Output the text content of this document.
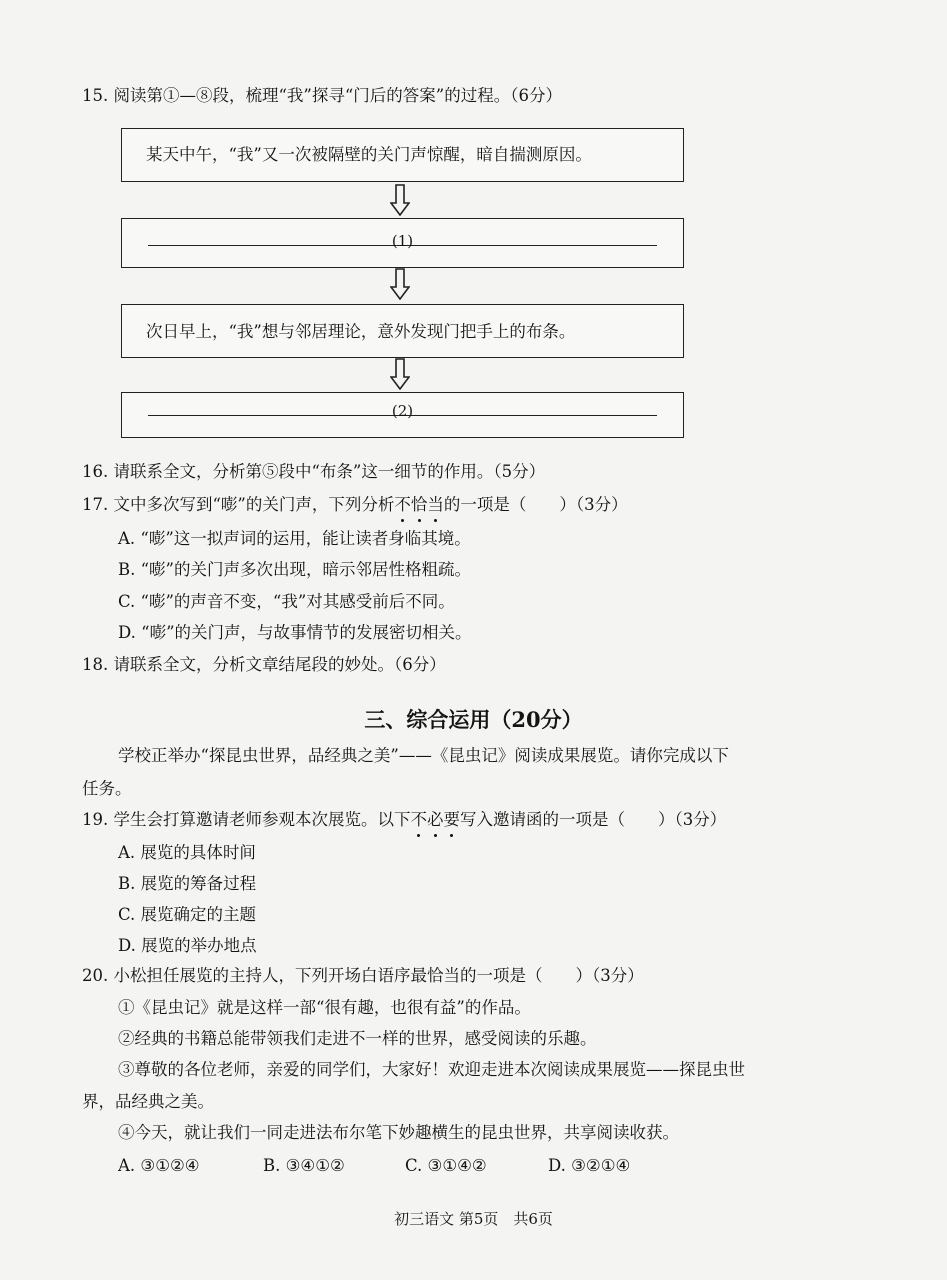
15. 阅读第①—⑧段，梳理“我”探寻“门后的答案”的过程。（6分）
某天中午，“我”又一次被隔壁的关门声惊醒，暗自揣测原因。
(1)
次日早上，“我”想与邻居理论，意外发现门把手上的布条。
(2)
16. 请联系全文，分析第⑤段中“布条”这一细节的作用。（5分）
17. 文中多次写到“嘭”的关门声，下列分析不恰当的一项是（　　）（3分）
A. “嘭”这一拟声词的运用，能让读者身临其境。
B. “嘭”的关门声多次出现，暗示邻居性格粗疏。
C. “嘭”的声音不变，“我”对其感受前后不同。
D. “嘭”的关门声，与故事情节的发展密切相关。
18. 请联系全文，分析文章结尾段的妙处。（6分）
三、综合运用（20分）
学校正举办“探昆虫世界，品经典之美”——《昆虫记》阅读成果展览。请你完成以下
任务。
19. 学生会打算邀请老师参观本次展览。以下不必要写入邀请函的一项是（　　）（3分）
A. 展览的具体时间
B. 展览的筹备过程
C. 展览确定的主题
D. 展览的举办地点
20. 小松担任展览的主持人，下列开场白语序最恰当的一项是（　　）（3分）
①《昆虫记》就是这样一部“很有趣，也很有益”的作品。
②经典的书籍总能带领我们走进不一样的世界，感受阅读的乐趣。
③尊敬的各位老师，亲爱的同学们，大家好！欢迎走进本次阅读成果展览——探昆虫世
界，品经典之美。
④今天，就让我们一同走进法布尔笔下妙趣横生的昆虫世界，共享阅读收获。
A. ③①②④	B. ③④①②	C. ③①④②	D. ③②①④
初三语文 第5页　共6页
